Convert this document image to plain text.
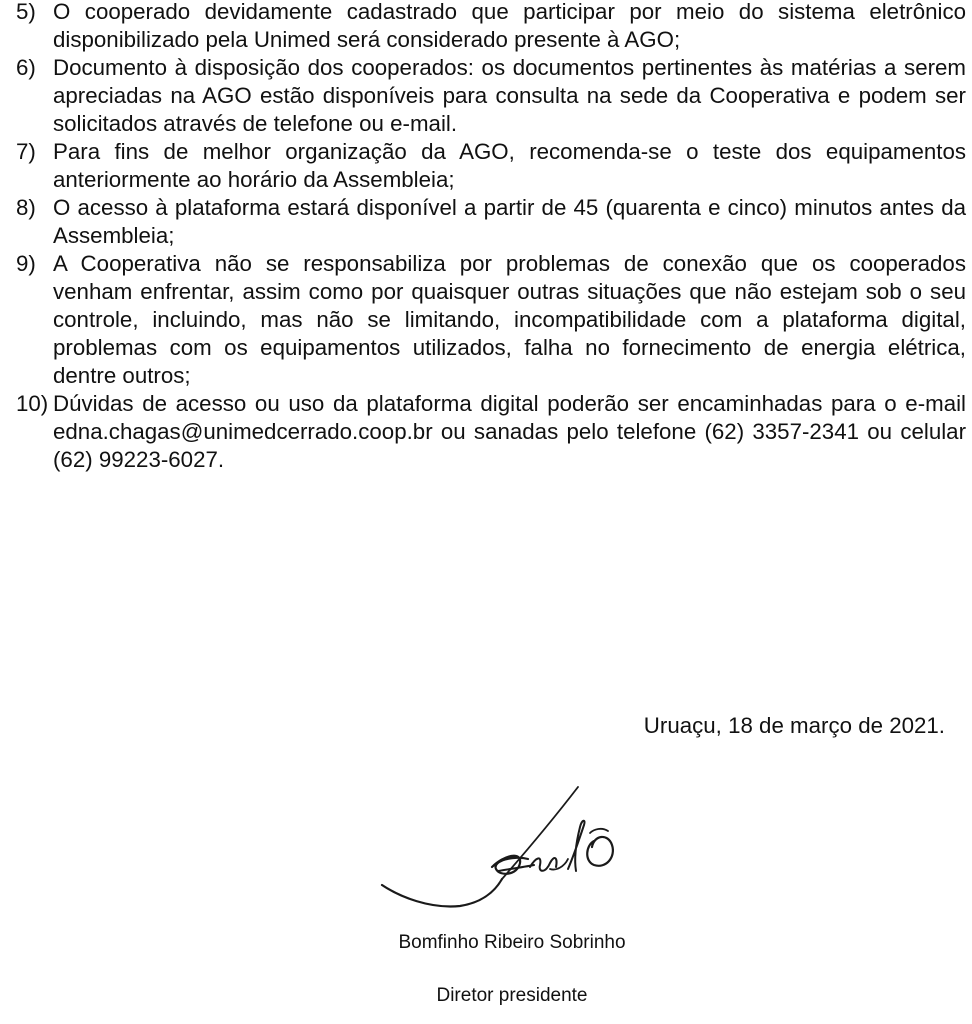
5) O cooperado devidamente cadastrado que participar por meio do sistema eletrônico disponibilizado pela Unimed será considerado presente à AGO;
6) Documento à disposição dos cooperados: os documentos pertinentes às matérias a serem apreciadas na AGO estão disponíveis para consulta na sede da Cooperativa e podem ser solicitados através de telefone ou e-mail.
7) Para fins de melhor organização da AGO, recomenda-se o teste dos equipamentos anteriormente ao horário da Assembleia;
8) O acesso à plataforma estará disponível a partir de 45 (quarenta e cinco) minutos antes da Assembleia;
9) A Cooperativa não se responsabiliza por problemas de conexão que os cooperados venham enfrentar, assim como por quaisquer outras situações que não estejam sob o seu controle, incluindo, mas não se limitando, incompatibilidade com a plataforma digital, problemas com os equipamentos utilizados, falha no fornecimento de energia elétrica, dentre outros;
10) Dúvidas de acesso ou uso da plataforma digital poderão ser encaminhadas para o e-mail edna.chagas@unimedcerrado.coop.br ou sanadas pelo telefone (62) 3357-2341 ou celular (62) 99223-6027.
Uruaçu, 18 de março de 2021.
Bomfinho Ribeiro Sobrinho
Diretor presidente
